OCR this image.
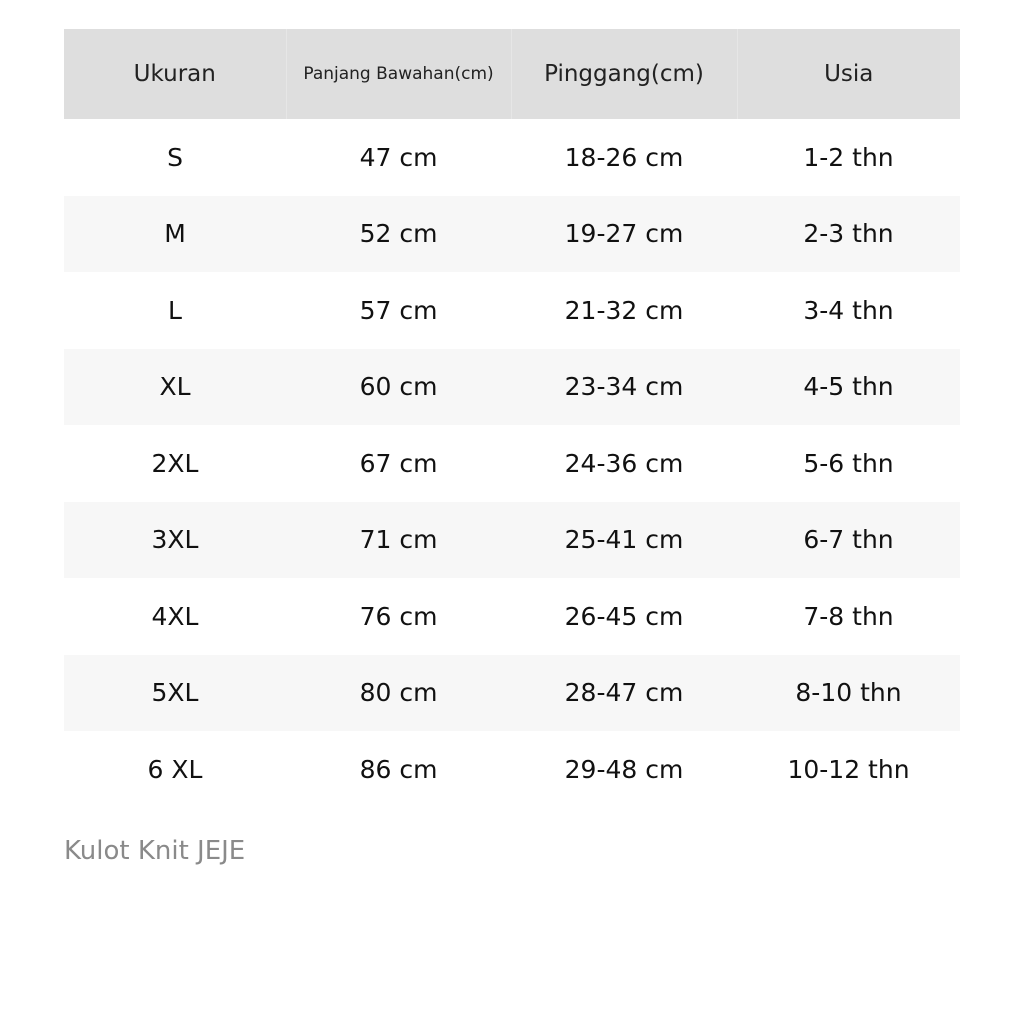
Ukuran	Panjang Bawahan(cm)	Pinggang(cm)	Usia
S	47 cm	18-26 cm	1-2 thn
M	52 cm	19-27 cm	2-3 thn
L	57 cm	21-32 cm	3-4 thn
XL	60 cm	23-34 cm	4-5 thn
2XL	67 cm	24-36 cm	5-6 thn
3XL	71 cm	25-41 cm	6-7 thn
4XL	76 cm	26-45 cm	7-8 thn
5XL	80 cm	28-47 cm	8-10 thn
6 XL	86 cm	29-48 cm	10-12 thn
Kulot Knit JEJE
